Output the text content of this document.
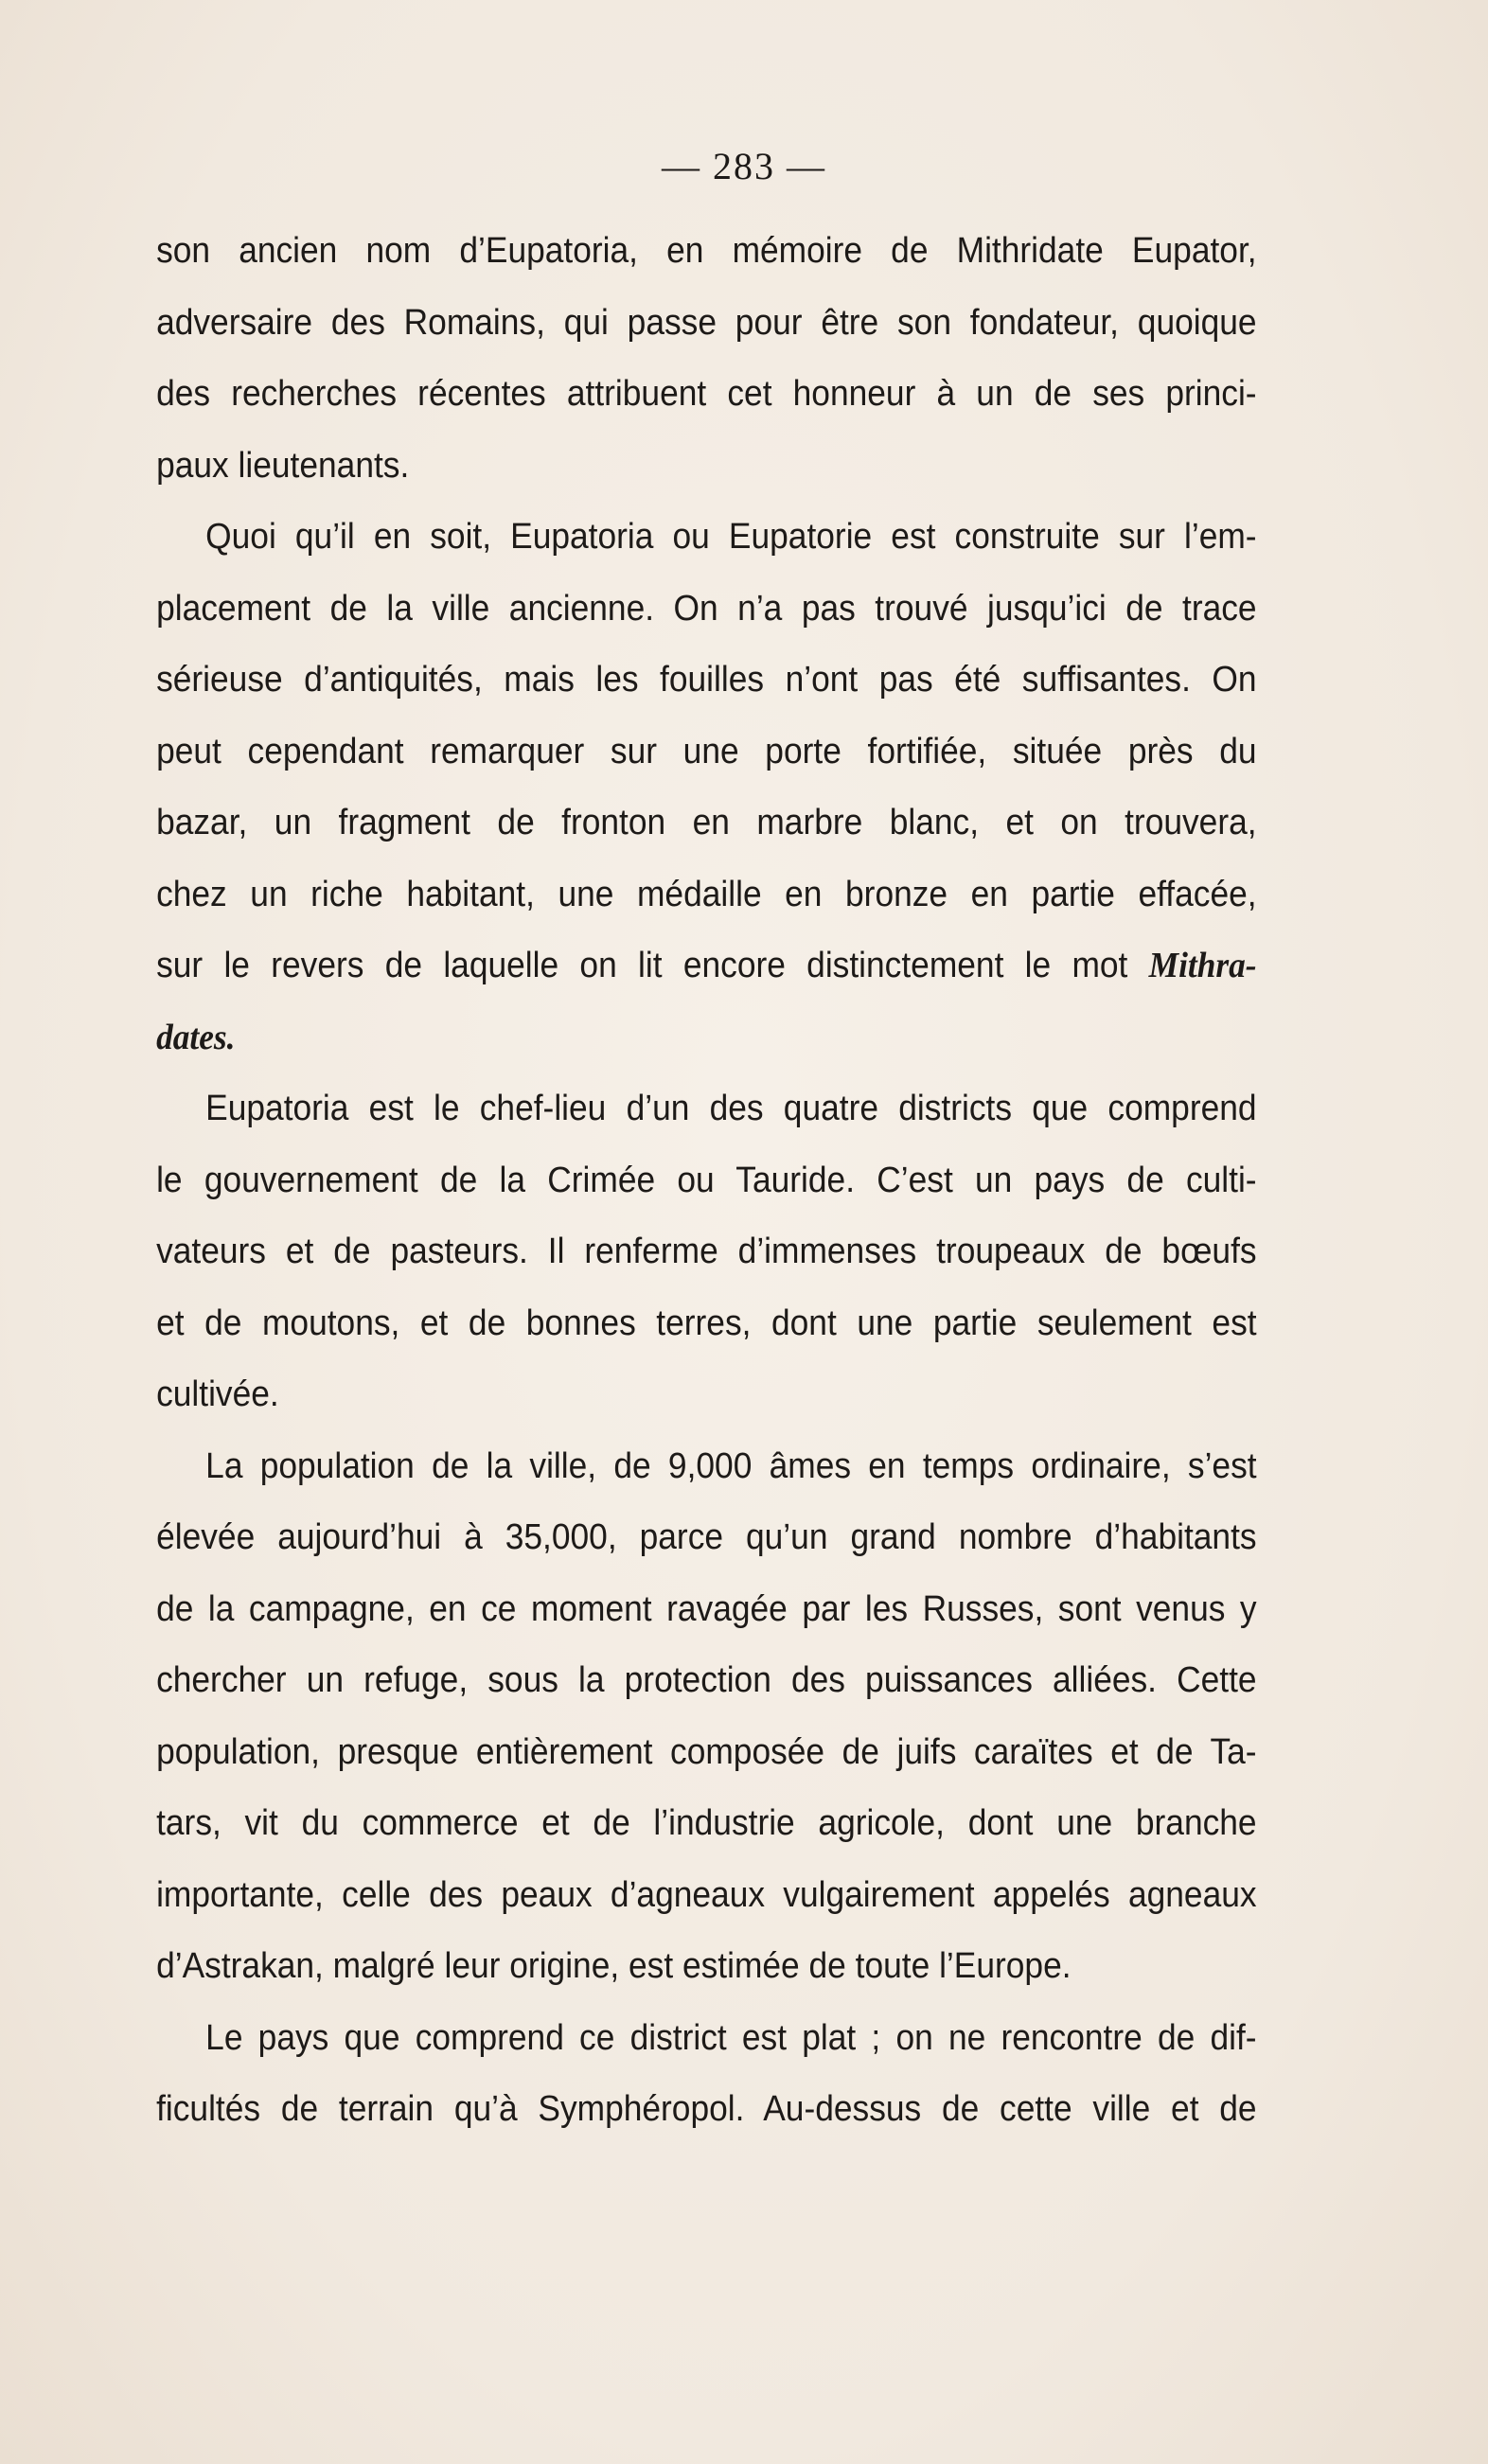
— 283 —

son ancien nom d’Eupatoria, en mémoire de Mithridate Eupator,
adversaire des Romains, qui passe pour être son fondateur, quoique
des recherches récentes attribuent cet honneur à un de ses princi-
paux lieutenants.

Quoi qu’il en soit, Eupatoria ou Eupatorie est construite sur l’em-
placement de la ville ancienne. On n’a pas trouvé jusqu’ici de trace
sérieuse d’antiquités, mais les fouilles n’ont pas été suffisantes. On
peut cependant remarquer sur une porte fortifiée, située près du
bazar, un fragment de fronton en marbre blanc, et on trouvera,
chez un riche habitant, une médaille en bronze en partie effacée,
sur le revers de laquelle on lit encore distinctement le mot Mithra-
dates.

Eupatoria est le chef-lieu d’un des quatre districts que comprend
le gouvernement de la Crimée ou Tauride. C’est un pays de culti-
vateurs et de pasteurs. Il renferme d’immenses troupeaux de bœufs
et de moutons, et de bonnes terres, dont une partie seulement est
cultivée.

La population de la ville, de 9,000 âmes en temps ordinaire, s’est
élevée aujourd’hui à 35,000, parce qu’un grand nombre d’habitants
de la campagne, en ce moment ravagée par les Russes, sont venus y
chercher un refuge, sous la protection des puissances alliées. Cette
population, presque entièrement composée de juifs caraïtes et de Ta-
tars, vit du commerce et de l’industrie agricole, dont une branche
importante, celle des peaux d’agneaux vulgairement appelés agneaux
d’Astrakan, malgré leur origine, est estimée de toute l’Europe.

Le pays que comprend ce district est plat ; on ne rencontre de dif-
ficultés de terrain qu’à Symphéropol. Au-dessus de cette ville et de
